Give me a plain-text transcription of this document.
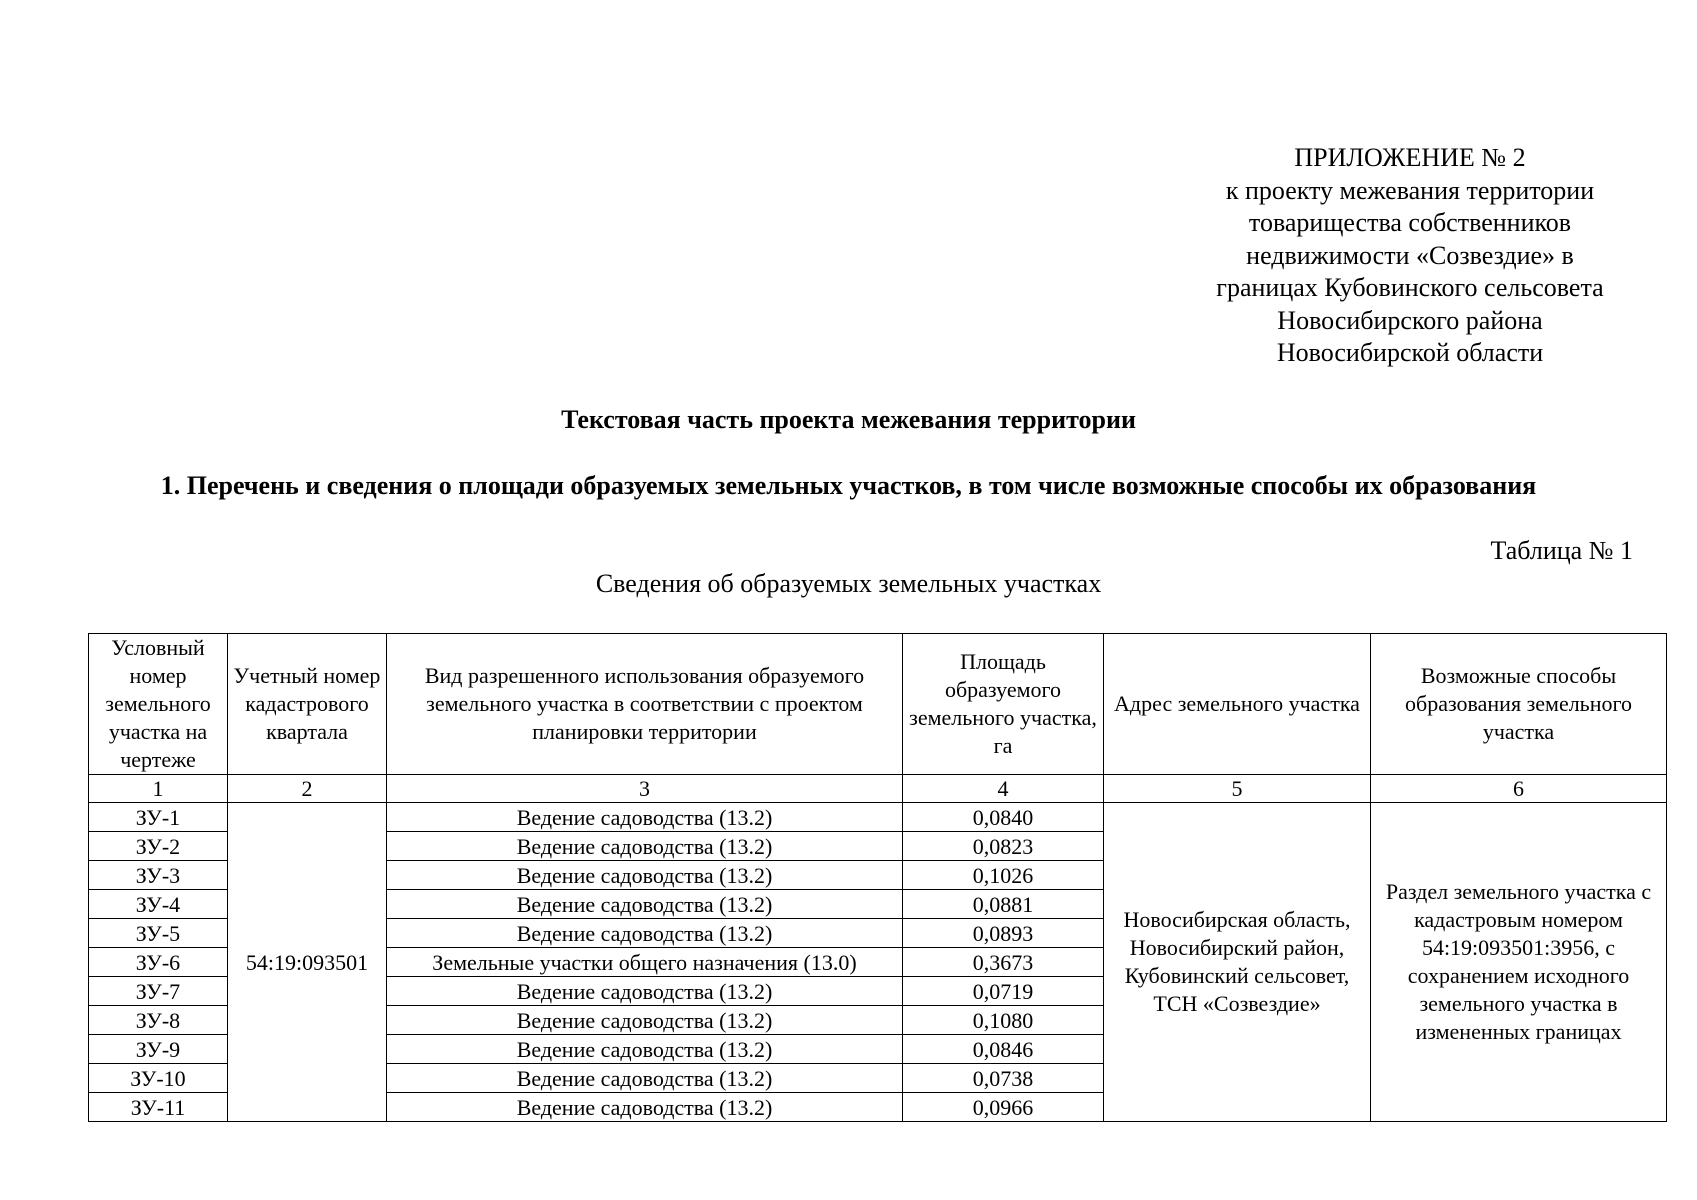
ПРИЛОЖЕНИЕ № 2
к проекту межевания территории
товарищества собственников
недвижимости «Созвездие» в
границах Кубовинского сельсовета
Новосибирского района
Новосибирской области
Текстовая часть проекта межевания территории
1. Перечень и сведения о площади образуемых земельных участков, в том числе возможные способы их образования
Таблица № 1
Сведения об образуемых земельных участках
Условный номер земельного участка на чертеже	Учетный номер кадастрового квартала	Вид разрешенного использования образуемого земельного участка в соответствии с проектом планировки территории	Площадь образуемого земельного участка, га	Адрес земельного участка	Возможные способы образования земельного участка
1	2	3	4	5	6
ЗУ-1	54:19:093501	Ведение садоводства (13.2)	0,0840	Новосибирская область, Новосибирский район, Кубовинский сельсовет, ТСН «Созвездие»	Раздел земельного участка с кадастровым номером 54:19:093501:3956, с сохранением исходного земельного участка в измененных границах
ЗУ-2		Ведение садоводства (13.2)	0,0823		
ЗУ-3		Ведение садоводства (13.2)	0,1026		
ЗУ-4		Ведение садоводства (13.2)	0,0881		
ЗУ-5		Ведение садоводства (13.2)	0,0893		
ЗУ-6		Земельные участки общего назначения (13.0)	0,3673		
ЗУ-7		Ведение садоводства (13.2)	0,0719		
ЗУ-8		Ведение садоводства (13.2)	0,1080		
ЗУ-9		Ведение садоводства (13.2)	0,0846		
ЗУ-10		Ведение садоводства (13.2)	0,0738		
ЗУ-11		Ведение садоводства (13.2)	0,0966		
